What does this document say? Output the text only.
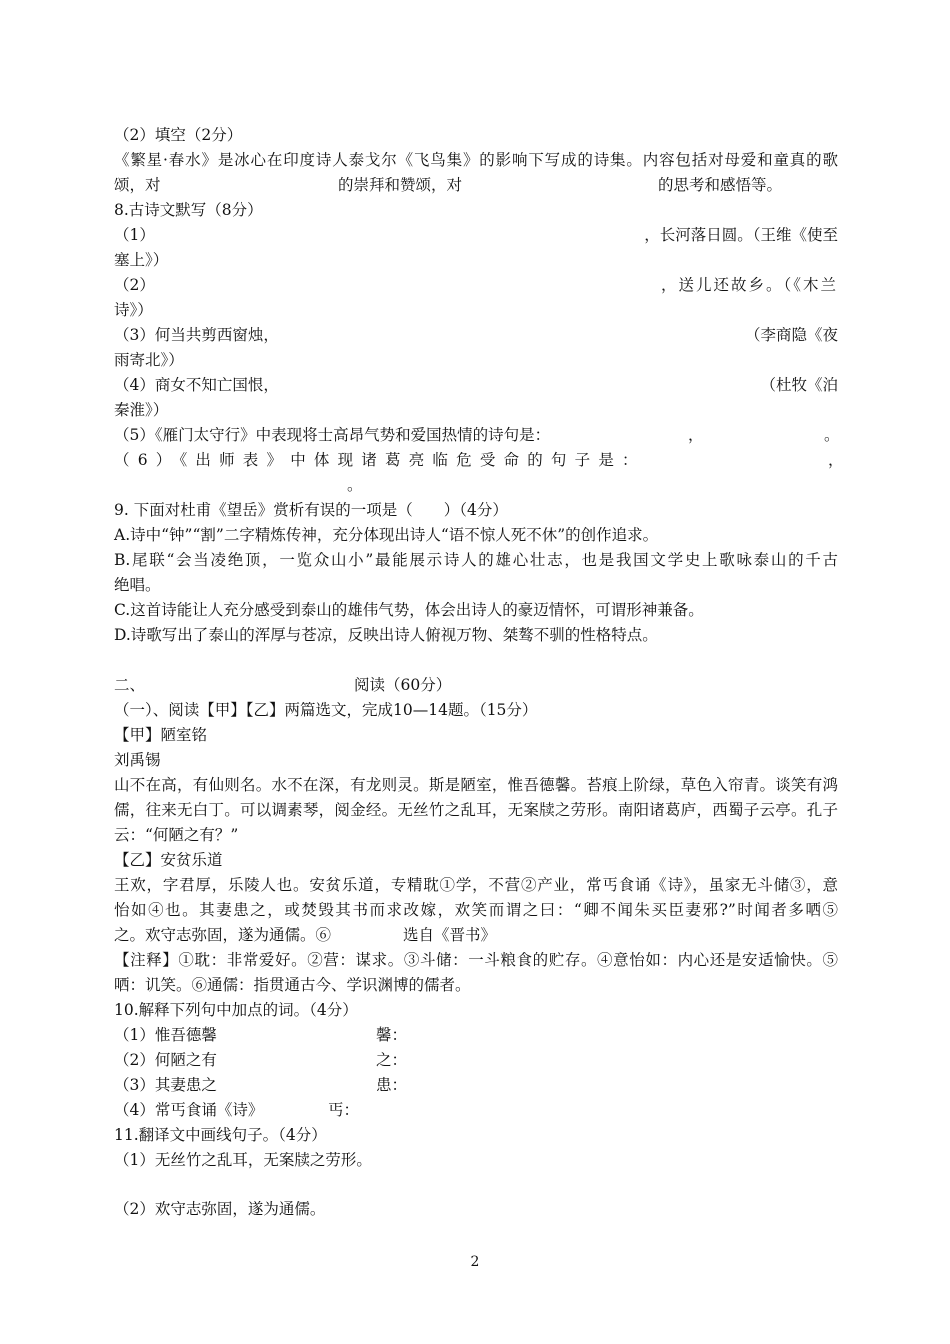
（2）填空（2分）
《繁星·春水》是冰心在印度诗人泰戈尔《飞鸟集》的影响下写成的诗集。内容包括对母爱和童真的歌
颂，对	的崇拜和赞颂，对	的思考和感悟等。
8.古诗文默写（8分）
（1）	，长河落日圆。（王维《使至
塞上》）
（2）	，送儿还故乡。（《木兰
诗》）
（3）何当共剪西窗烛，	（李商隐《夜
雨寄北》）
（4）商女不知亡国恨，	（杜牧《泊
秦淮》）
（5）《雁门太守行》中表现将士高昂气势和爱国热情的诗句是：	，	。
（6）《出师表》中体现诸葛亮临危受命的句子是：	，
。
9. 下面对杜甫《望岳》赏析有误的一项是（　　）（4分）
A.诗中“钟”“割”二字精炼传神，充分体现出诗人“语不惊人死不休”的创作追求。
B.尾联“会当凌绝顶，一览众山小”最能展示诗人的雄心壮志，也是我国文学史上歌咏泰山的千古
绝唱。
C.这首诗能让人充分感受到泰山的雄伟气势，体会出诗人的豪迈情怀，可谓形神兼备。
D.诗歌写出了泰山的浑厚与苍凉，反映出诗人俯视万物、桀骜不驯的性格特点。
二、	阅读（60分）
（一）、阅读【甲】【乙】两篇选文，完成10—14题。（15分）
【甲】陋室铭
刘禹锡
山不在高，有仙则名。水不在深，有龙则灵。斯是陋室，惟吾德馨。苔痕上阶绿，草色入帘青。谈笑有鸿
儒，往来无白丁。可以调素琴，阅金经。无丝竹之乱耳，无案牍之劳形。南阳诸葛庐，西蜀子云亭。孔子
云：“何陋之有？”
【乙】安贫乐道
王欢，字君厚，乐陵人也。安贫乐道，专精耽①学，不营②产业，常丐食诵《诗》，虽家无斗储③，意
怡如④也。其妻患之，或焚毁其书而求改嫁，欢笑而谓之曰：“卿不闻朱买臣妻邪?”时闻者多哂⑤
之。欢守志弥固，遂为通儒。⑥	选自《晋书》
【注释】①耽：非常爱好。②营：谋求。③斗储：一斗粮食的贮存。④意怡如：内心还是安适愉快。⑤
哂：讥笑。⑥通儒：指贯通古今、学识渊博的儒者。
10.解释下列句中加点的词。（4分）
（1）惟吾德馨	馨：
（2）何陋之有	之：
（3）其妻患之	患：
（4）常丐食诵《诗》	丐：
11.翻译文中画线句子。（4分）
（1）无丝竹之乱耳，无案牍之劳形。
（2）欢守志弥固，遂为通儒。
2
